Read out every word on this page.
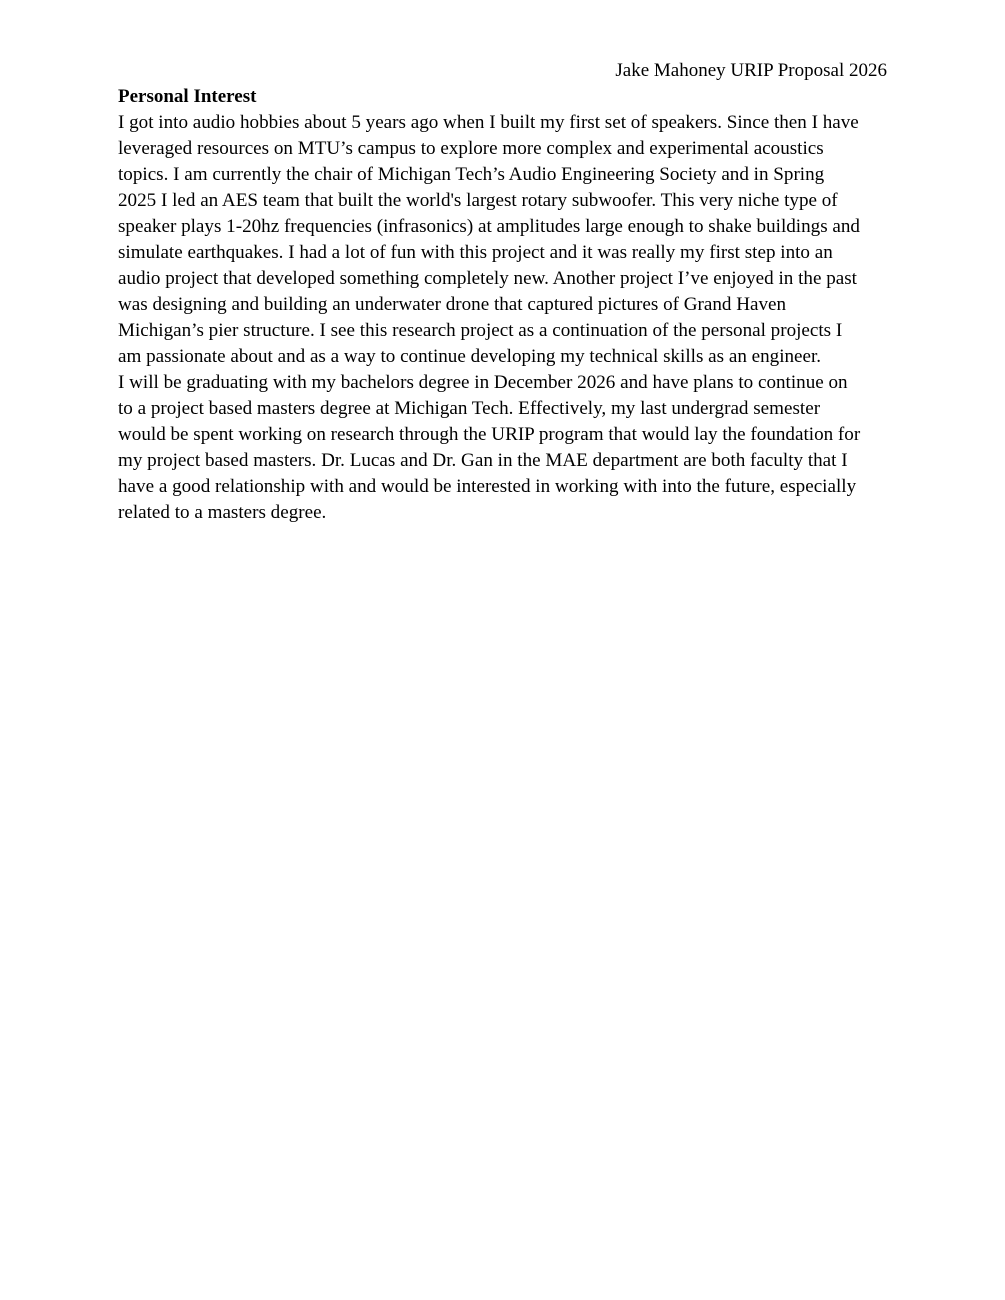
Jake Mahoney URIP Proposal 2026
Personal Interest

I got into audio hobbies about 5 years ago when I built my first set of speakers. Since then I have
leveraged resources on MTU’s campus to explore more complex and experimental acoustics
topics. I am currently the chair of Michigan Tech’s Audio Engineering Society and in Spring
2025 I led an AES team that built the world's largest rotary subwoofer. This very niche type of
speaker plays 1-20hz frequencies (infrasonics) at amplitudes large enough to shake buildings and
simulate earthquakes. I had a lot of fun with this project and it was really my first step into an
audio project that developed something completely new. Another project I’ve enjoyed in the past
was designing and building an underwater drone that captured pictures of Grand Haven
Michigan’s pier structure. I see this research project as a continuation of the personal projects I
am passionate about and as a way to continue developing my technical skills as an engineer.

I will be graduating with my bachelors degree in December 2026 and have plans to continue on
to a project based masters degree at Michigan Tech. Effectively, my last undergrad semester
would be spent working on research through the URIP program that would lay the foundation for
my project based masters. Dr. Lucas and Dr. Gan in the MAE department are both faculty that I
have a good relationship with and would be interested in working with into the future, especially
related to a masters degree.
